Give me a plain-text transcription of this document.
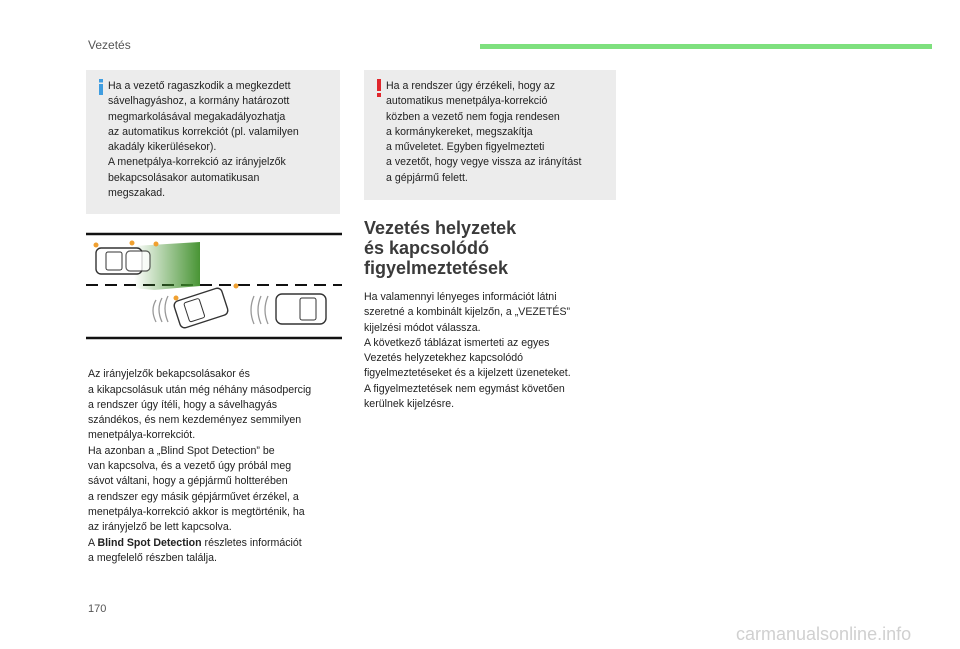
Vezetés
Ha a vezető ragaszkodik a megkezdett
sávelhagyáshoz, a kormány határozott
megmarkolásával megakadályozhatja
az automatikus korrekciót (pl. valamilyen
akadály kikerülésekor).
A menetpálya-korrekció az irányjelzők
bekapcsolásakor automatikusan
megszakad.
Ha a rendszer úgy érzékeli, hogy az
automatikus menetpálya-korrekció
közben a vezető nem fogja rendesen
a kormánykereket, megszakítja
a műveletet. Egyben figyelmezteti
a vezetőt, hogy vegye vissza az irányítást
a gépjármű felett.
Vezetés helyzetek
és kapcsolódó
figyelmeztetések
Ha valamennyi lényeges információt látni
szeretné a kombinált kijelzőn, a „VEZETÉS”
kijelzési módot válassza.
A következő táblázat ismerteti az egyes
Vezetés helyzetekhez kapcsolódó
figyelmeztetéseket és a kijelzett üzeneteket.
A figyelmeztetések nem egymást követően
kerülnek kijelzésre.

Az irányjelzők bekapcsolásakor és
a kikapcsolásuk után még néhány másodpercig
a rendszer úgy ítéli, hogy a sávelhagyás
szándékos, és nem kezdeményez semmilyen
menetpálya-korrekciót.
Ha azonban a „Blind Spot Detection” be
van kapcsolva, és a vezető úgy próbál meg
sávot váltani, hogy a gépjármű holtterében
a rendszer egy másik gépjárművet érzékel, a
menetpálya-korrekció akkor is megtörténik, ha
az irányjelző be lett kapcsolva.
A Blind Spot Detection részletes információt
a megfelelő részben találja.

170
carmanualsonline.info
